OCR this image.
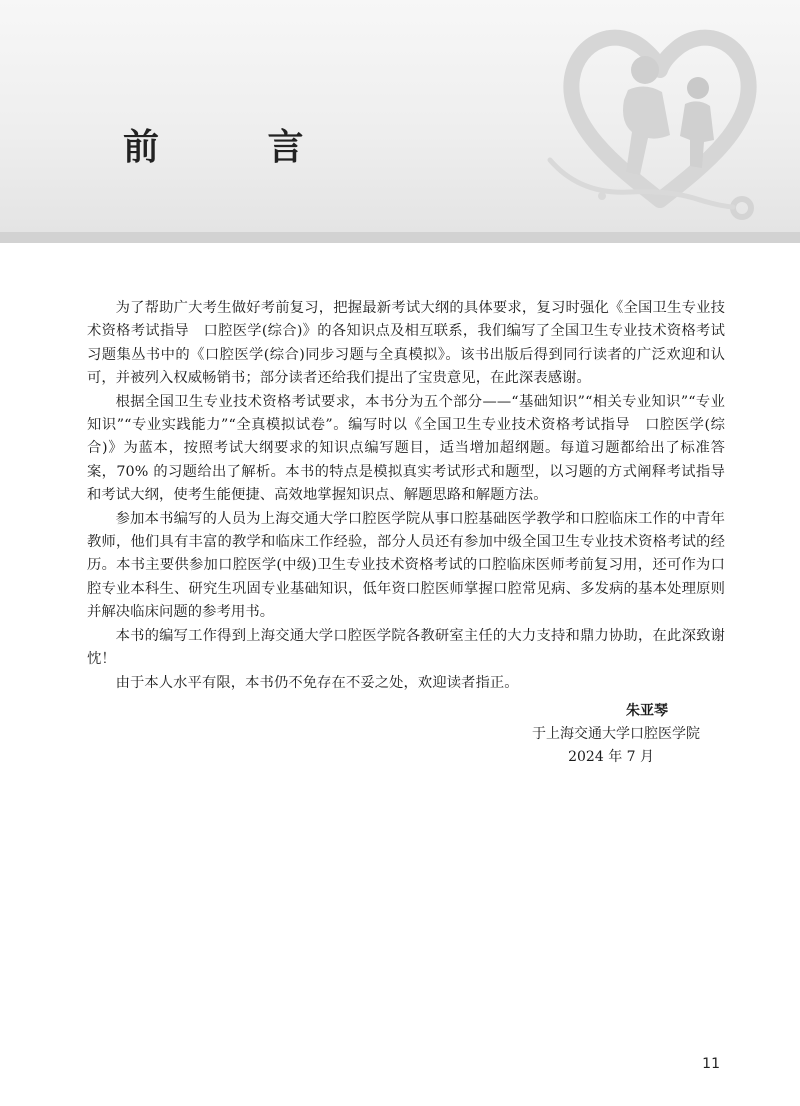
前 言

为了帮助广大考生做好考前复习，把握最新考试大纲的具体要求，复习时强化《全国卫生专业技术资格考试指导　口腔医学(综合)》的各知识点及相互联系，我们编写了全国卫生专业技术资格考试习题集丛书中的《口腔医学(综合)同步习题与全真模拟》。该书出版后得到同行读者的广泛欢迎和认可，并被列入权威畅销书；部分读者还给我们提出了宝贵意见，在此深表感谢。

根据全国卫生专业技术资格考试要求，本书分为五个部分——“基础知识”“相关专业知识”“专业知识”“专业实践能力”“全真模拟试卷”。编写时以《全国卫生专业技术资格考试指导　口腔医学(综合)》为蓝本，按照考试大纲要求的知识点编写题目，适当增加超纲题。每道习题都给出了标准答案，70% 的习题给出了解析。本书的特点是模拟真实考试形式和题型，以习题的方式阐释考试指导和考试大纲，使考生能便捷、高效地掌握知识点、解题思路和解题方法。

参加本书编写的人员为上海交通大学口腔医学院从事口腔基础医学教学和口腔临床工作的中青年教师，他们具有丰富的教学和临床工作经验，部分人员还有参加中级全国卫生专业技术资格考试的经历。本书主要供参加口腔医学(中级)卫生专业技术资格考试的口腔临床医师考前复习用，还可作为口腔专业本科生、研究生巩固专业基础知识，低年资口腔医师掌握口腔常见病、多发病的基本处理原则并解决临床问题的参考用书。

本书的编写工作得到上海交通大学口腔医学院各教研室主任的大力支持和鼎力协助，在此深致谢忱！

由于本人水平有限，本书仍不免存在不妥之处，欢迎读者指正。

朱亚琴
于上海交通大学口腔医学院
2024 年 7 月
11
